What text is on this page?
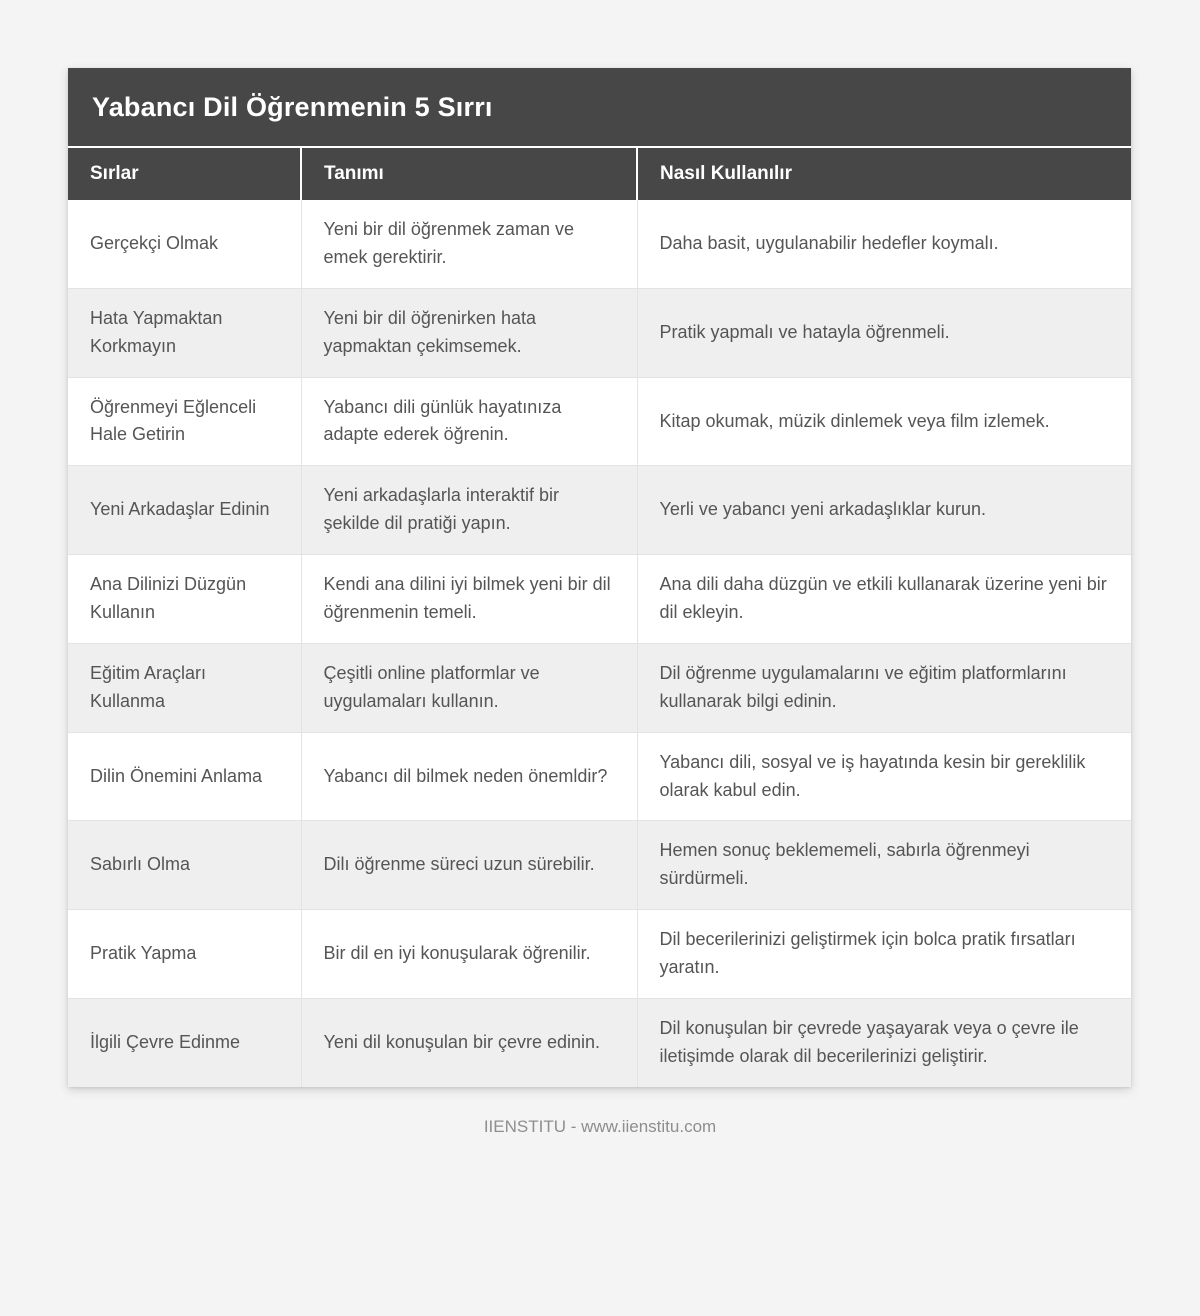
Yabancı Dil Öğrenmenin 5 Sırrı
Sırlar	Tanımı	Nasıl Kullanılır
Gerçekçi Olmak	Yeni bir dil öğrenmek zaman ve emek gerektirir.	Daha basit, uygulanabilir hedefler koymalı.
Hata Yapmaktan Korkmayın	Yeni bir dil öğrenirken hata yapmaktan çekimsemek.	Pratik yapmalı ve hatayla öğrenmeli.
Öğrenmeyi Eğlenceli Hale Getirin	Yabancı dili günlük hayatınıza adapte ederek öğrenin.	Kitap okumak, müzik dinlemek veya film izlemek.
Yeni Arkadaşlar Edinin	Yeni arkadaşlarla interaktif bir şekilde dil pratiği yapın.	Yerli ve yabancı yeni arkadaşlıklar kurun.
Ana Dilinizi Düzgün Kullanın	Kendi ana dilini iyi bilmek yeni bir dil öğrenmenin temeli.	Ana dili daha düzgün ve etkili kullanarak üzerine yeni bir dil ekleyin.
Eğitim Araçları Kullanma	Çeşitli online platformlar ve uygulamaları kullanın.	Dil öğrenme uygulamalarını ve eğitim platformlarını kullanarak bilgi edinin.
Dilin Önemini Anlama	Yabancı dil bilmek neden önemldir?	Yabancı dili, sosyal ve iş hayatında kesin bir gereklilik olarak kabul edin.
Sabırlı Olma	Dilı öğrenme süreci uzun sürebilir.	Hemen sonuç beklememeli, sabırla öğrenmeyi sürdürmeli.
Pratik Yapma	Bir dil en iyi konuşularak öğrenilir.	Dil becerilerinizi geliştirmek için bolca pratik fırsatları yaratın.
İlgili Çevre Edinme	Yeni dil konuşulan bir çevre edinin.	Dil konuşulan bir çevrede yaşayarak veya o çevre ile iletişimde olarak dil becerilerinizi geliştirir.
IIENSTITU - www.iienstitu.com
